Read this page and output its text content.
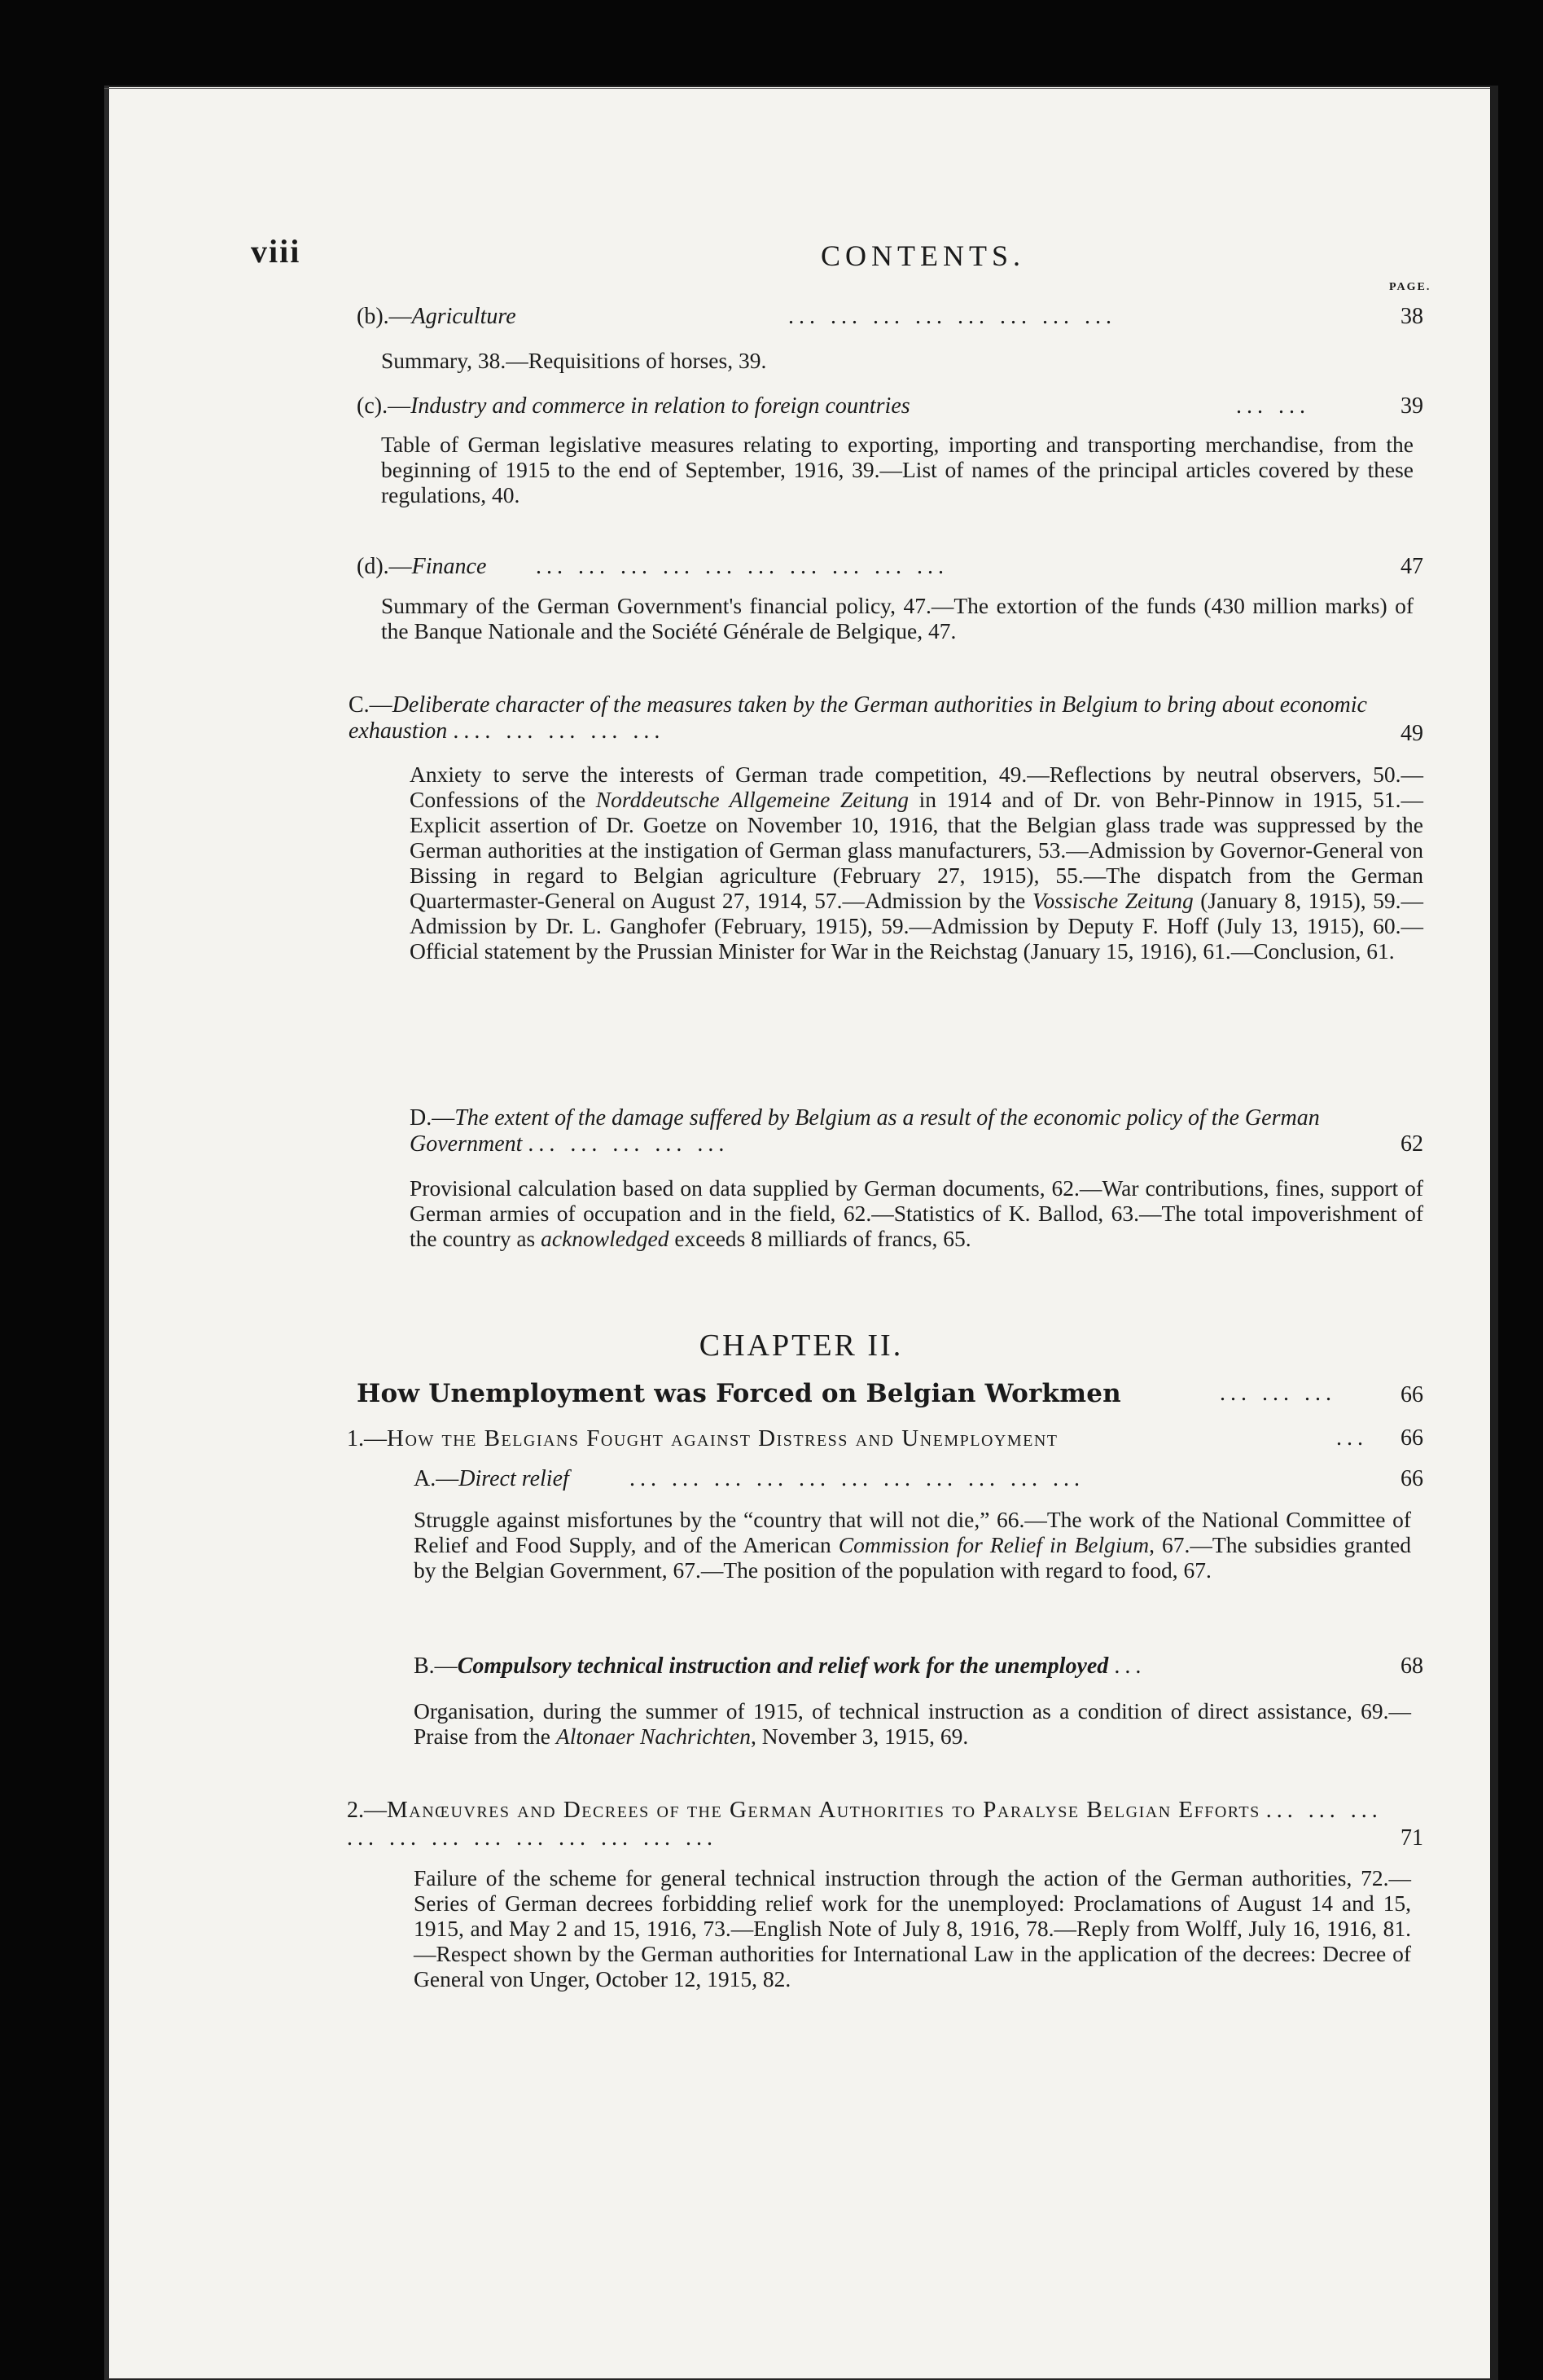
viii	CONTENTS.
PAGE.
(b).—Agriculture	... ... ... ... ... ... ... ...	38
Summary, 38.—Requisitions of horses, 39.
(c).—Industry and commerce in relation to foreign countries	... ...	39
Table of German legislative measures relating to exporting, importing and transporting merchandise, from the beginning of 1915 to the end of September, 1916, 39.—List of names of the principal articles covered by these regulations, 40.
(d).—Finance ... ... ... ... ... ... ... ... ... ...	47
Summary of the German Government's financial policy, 47.—The extortion of the funds (430 million marks) of the Banque Nationale and the Société Générale de Belgique, 47.
C.—Deliberate character of the measures taken by the German authorities in Belgium to bring about economic exhaustion .... ... ... ... ...	49
Anxiety to serve the interests of German trade competition, 49.—Reflections by neutral observers, 50.—Confessions of the Norddeutsche Allgemeine Zeitung in 1914 and of Dr. von Behr-Pinnow in 1915, 51.—Explicit assertion of Dr. Goetze on November 10, 1916, that the Belgian glass trade was suppressed by the German authorities at the instigation of German glass manufacturers, 53.—Admission by Governor-General von Bissing in regard to Belgian agriculture (February 27, 1915), 55.—The dispatch from the German Quartermaster-General on August 27, 1914, 57.—Admission by the Vossische Zeitung (January 8, 1915), 59.—Admission by Dr. L. Ganghofer (February, 1915), 59.—Admission by Deputy F. Hoff (July 13, 1915), 60.—Official statement by the Prussian Minister for War in the Reichstag (January 15, 1916), 61.—Conclusion, 61.
D.—The extent of the damage suffered by Belgium as a result of the economic policy of the German Government ... ... ... ... ...	62
Provisional calculation based on data supplied by German documents, 62.—War contributions, fines, support of German armies of occupation and in the field, 62.—Statistics of K. Ballod, 63.—The total impoverishment of the country as acknowledged exceeds 8 milliards of francs, 65.
CHAPTER II.
How Unemployment was Forced on Belgian Workmen	... ... ...	66
1.—How the Belgians Fought against Distress and Unemployment	...	66
A.—Direct relief	... ... ... ... ... ... ... ... ... ... ...	66
Struggle against misfortunes by the “country that will not die,” 66.—The work of the National Committee of Relief and Food Supply, and of the American Commission for Relief in Belgium, 67.—The subsidies granted by the Belgian Government, 67.—The position of the population with regard to food, 67.
B.—Compulsory technical instruction and relief work for the unemployed ...	68
Organisation, during the summer of 1915, of technical instruction as a condition of direct assistance, 69.—Praise from the Altonaer Nachrichten, November 3, 1915, 69.
2.—Manœuvres and Decrees of the German Authorities to Paralyse Belgian Efforts ... ... ... ... ... ... ... ... ... ... ... ...	71
Failure of the scheme for general technical instruction through the action of the German authorities, 72.—Series of German decrees forbidding relief work for the unemployed: Proclamations of August 14 and 15, 1915, and May 2 and 15, 1916, 73.—English Note of July 8, 1916, 78.—Reply from Wolff, July 16, 1916, 81.—Respect shown by the German authorities for International Law in the application of the decrees: Decree of General von Unger, October 12, 1915, 82.
